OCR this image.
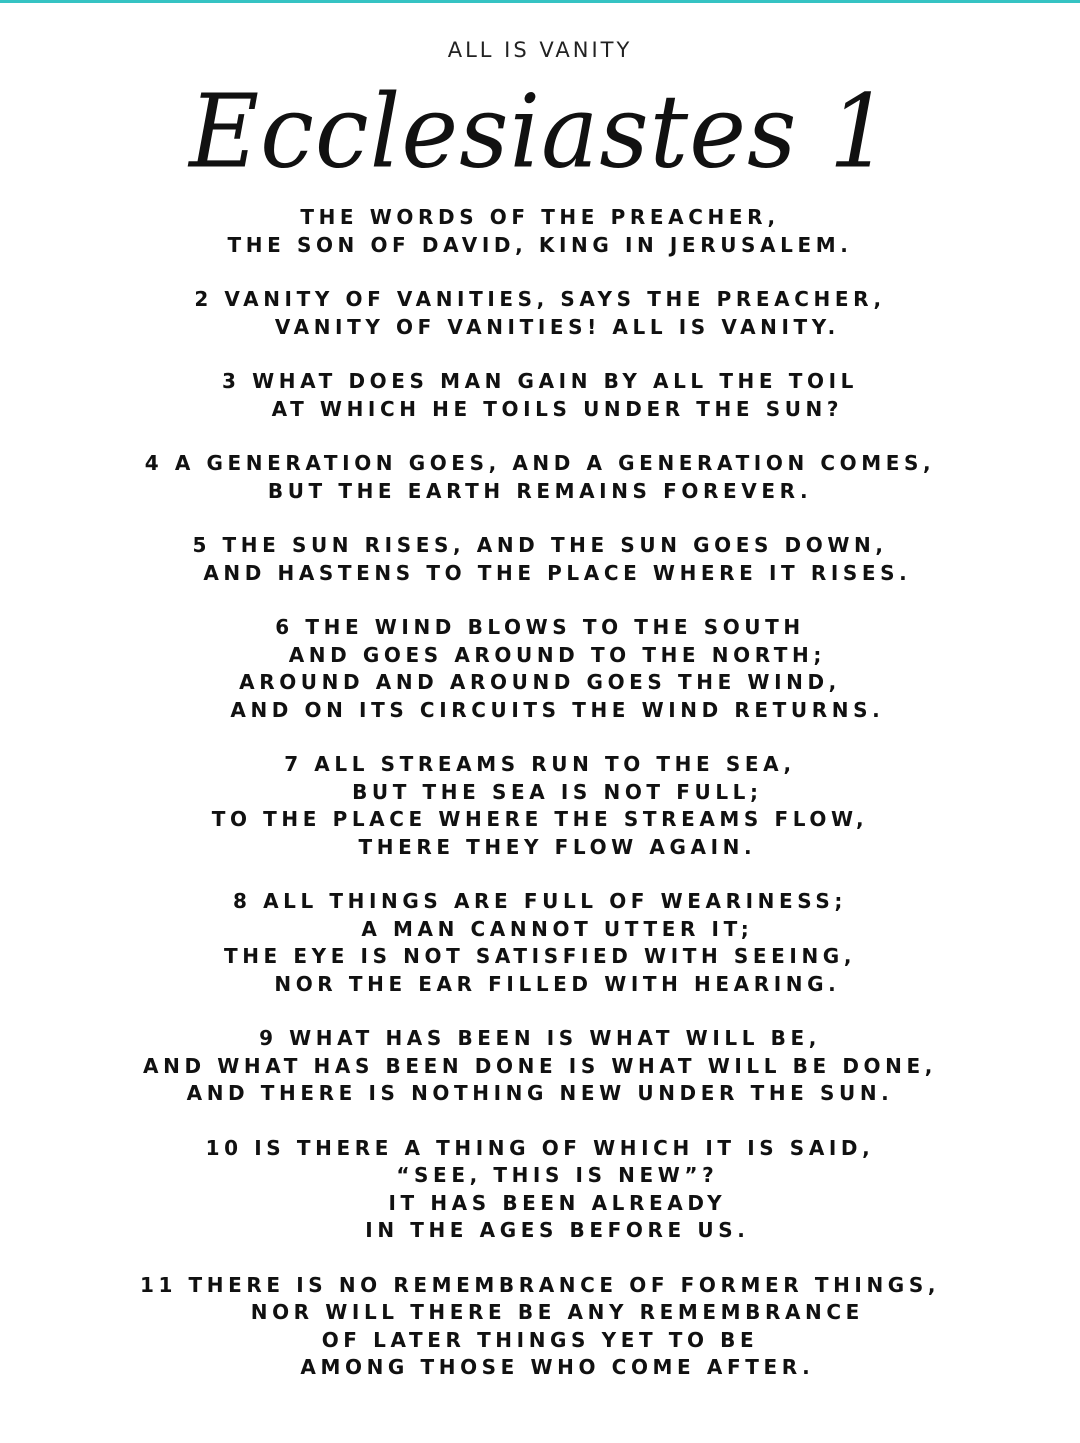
ALL IS VANITY
Ecclesiastes 1
THE WORDS OF THE PREACHER,
THE SON OF DAVID, KING IN JERUSALEM.
2 VANITY OF VANITIES, SAYS THE PREACHER,
VANITY OF VANITIES! ALL IS VANITY.
3 WHAT DOES MAN GAIN BY ALL THE TOIL
AT WHICH HE TOILS UNDER THE SUN?
4 A GENERATION GOES, AND A GENERATION COMES,
BUT THE EARTH REMAINS FOREVER.
5 THE SUN RISES, AND THE SUN GOES DOWN,
AND HASTENS TO THE PLACE WHERE IT RISES.
6 THE WIND BLOWS TO THE SOUTH
AND GOES AROUND TO THE NORTH;
AROUND AND AROUND GOES THE WIND,
AND ON ITS CIRCUITS THE WIND RETURNS.
7 ALL STREAMS RUN TO THE SEA,
BUT THE SEA IS NOT FULL;
TO THE PLACE WHERE THE STREAMS FLOW,
THERE THEY FLOW AGAIN.
8 ALL THINGS ARE FULL OF WEARINESS;
A MAN CANNOT UTTER IT;
THE EYE IS NOT SATISFIED WITH SEEING,
NOR THE EAR FILLED WITH HEARING.
9 WHAT HAS BEEN IS WHAT WILL BE,
AND WHAT HAS BEEN DONE IS WHAT WILL BE DONE,
AND THERE IS NOTHING NEW UNDER THE SUN.
10 IS THERE A THING OF WHICH IT IS SAID,
“SEE, THIS IS NEW”?
IT HAS BEEN ALREADY
IN THE AGES BEFORE US.
11 THERE IS NO REMEMBRANCE OF FORMER THINGS,
NOR WILL THERE BE ANY REMEMBRANCE
OF LATER THINGS YET TO BE
AMONG THOSE WHO COME AFTER.
